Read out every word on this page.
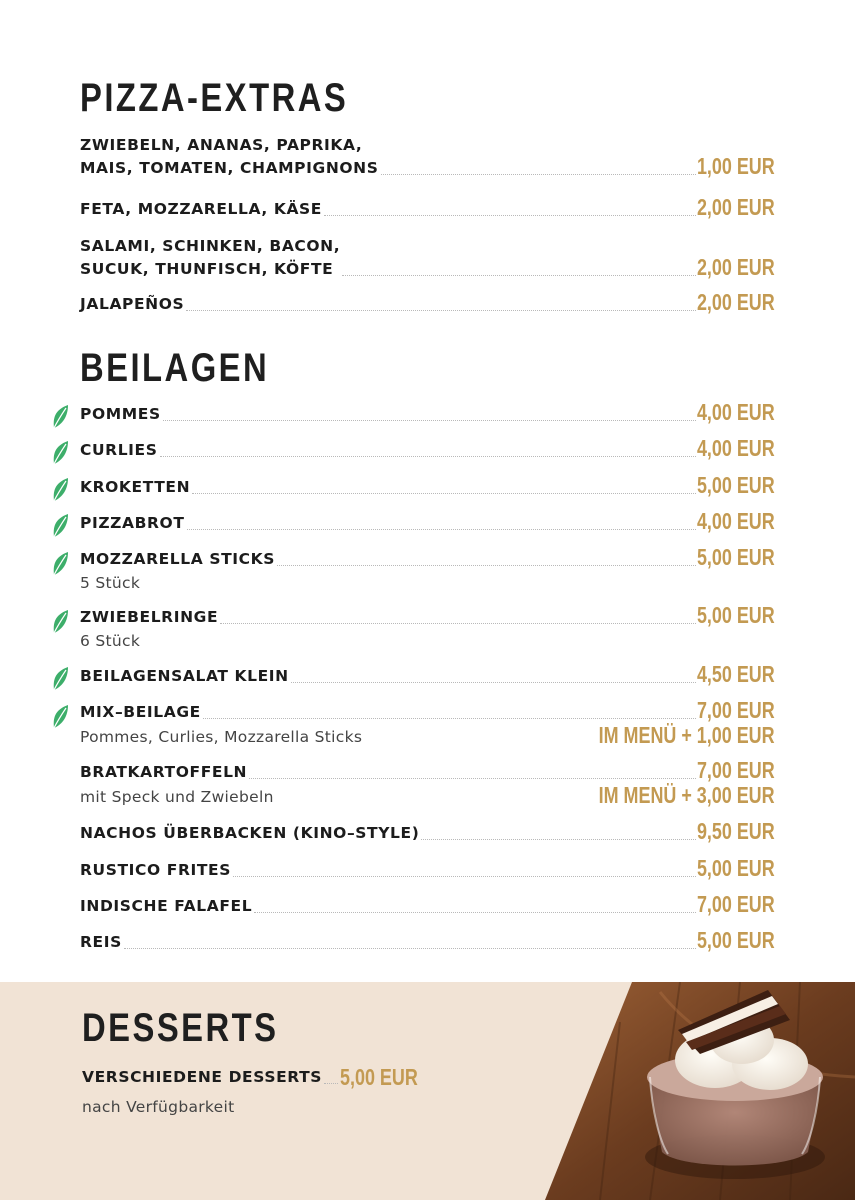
PIZZA-EXTRAS
ZWIEBELN, ANANAS, PAPRIKA,
MAIS, TOMATEN, CHAMPIGNONS	1,00 EUR
FETA, MOZZARELLA, KÄSE	2,00 EUR
SALAMI, SCHINKEN, BACON,
SUCUK, THUNFISCH, KÖFTE	2,00 EUR
JALAPEÑOS	2,00 EUR
BEILAGEN
POMMES	4,00 EUR
CURLIES	4,00 EUR
KROKETTEN	5,00 EUR
PIZZABROT	4,00 EUR
MOZZARELLA STICKS	5,00 EUR
5 Stück
ZWIEBELRINGE	5,00 EUR
6 Stück
BEILAGENSALAT KLEIN	4,50 EUR
MIX–BEILAGE	7,00 EUR
Pommes, Curlies, Mozzarella Sticks	IM MENÜ + 1,00 EUR
BRATKARTOFFELN	7,00 EUR
mit Speck und Zwiebeln	IM MENÜ + 3,00 EUR
NACHOS ÜBERBACKEN (KINO–STYLE)	9,50 EUR
RUSTICO FRITES	5,00 EUR
INDISCHE FALAFEL	7,00 EUR
REIS	5,00 EUR
DESSERTS
VERSCHIEDENE DESSERTS 5,00 EUR
nach Verfügbarkeit
